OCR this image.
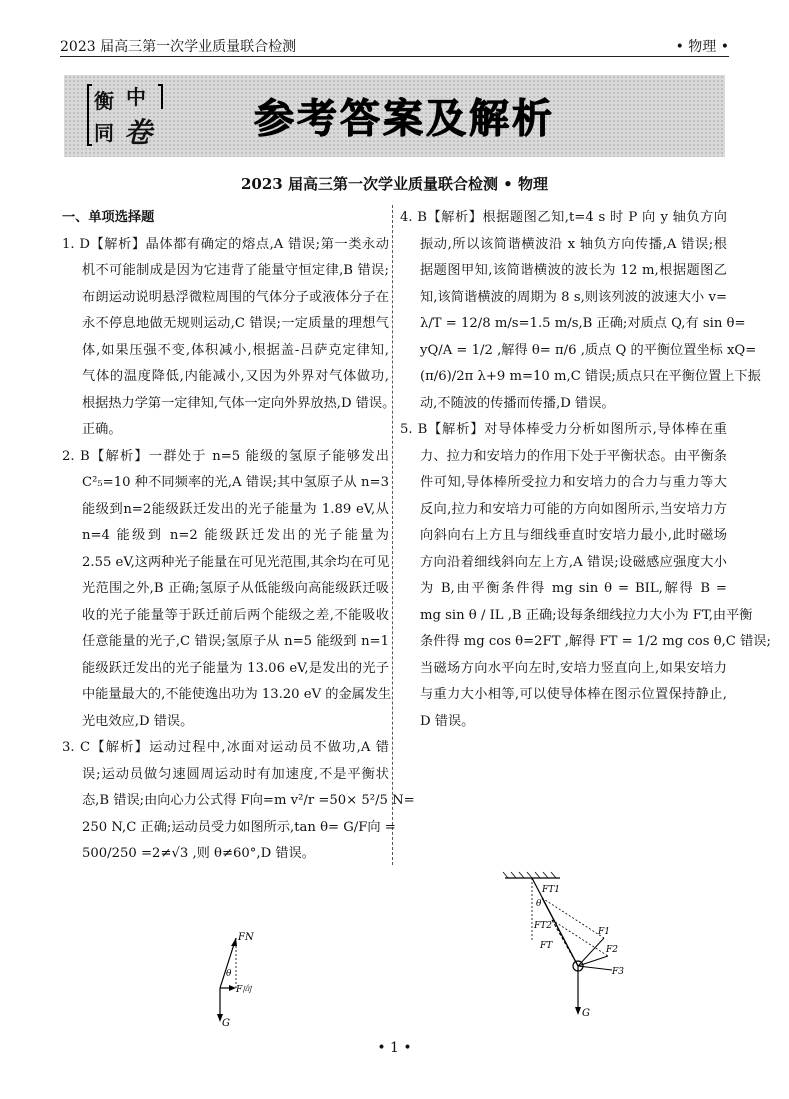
2023 届高三第一次学业质量联合检测	• 物理 •
衡 中
同 卷	参考答案及解析
2023 届高三第一次学业质量联合检测 • 物理
一、单项选择题
1. D【解析】晶体都有确定的熔点,A 错误;第一类永动
机不可能制成是因为它违背了能量守恒定律,B 错误;
布朗运动说明悬浮微粒周围的气体分子或液体分子在
永不停息地做无规则运动,C 错误;一定质量的理想气
体,如果压强不变,体积减小,根据盖-吕萨克定律知,
气体的温度降低,内能减小,又因为外界对气体做功,
根据热力学第一定律知,气体一定向外界放热,D 错误。
正确。
2. B【解析】一群处于 n=5 能级的氢原子能够发出
C²₅=10 种不同频率的光,A 错误;其中氢原子从 n=3
能级到n=2能级跃迁发出的光子能量为 1.89 eV,从
n=4 能级到 n=2 能级跃迁发出的光子能量为
2.55 eV,这两种光子能量在可见光范围,其余均在可见
光范围之外,B 正确;氢原子从低能级向高能级跃迁吸
收的光子能量等于跃迁前后两个能级之差,不能吸收
任意能量的光子,C 错误;氢原子从 n=5 能级到 n=1
能级跃迁发出的光子能量为 13.06 eV,是发出的光子
中能量最大的,不能使逸出功为 13.20 eV 的金属发生
光电效应,D 错误。
3. C【解析】运动过程中,冰面对运动员不做功,A 错
误;运动员做匀速圆周运动时有加速度,不是平衡状
态,B 错误;由向心力公式得 F向=m v²/r =50× 5²/5 N=
250 N,C 正确;运动员受力如图所示,tan θ= G/F向 =
500/250 =2≠√3 ,则 θ≠60°,D 错误。
4. B【解析】根据题图乙知,t=4 s 时 P 向 y 轴负方向
振动,所以该简谐横波沿 x 轴负方向传播,A 错误;根
据题图甲知,该简谐横波的波长为 12 m,根据题图乙
知,该简谐横波的周期为 8 s,则该列波的波速大小 v=
λ/T = 12/8 m/s=1.5 m/s,B 正确;对质点 Q,有 sin θ=
yQ/A = 1/2 ,解得 θ= π/6 ,质点 Q 的平衡位置坐标 xQ=
(π/6)/2π λ+9 m=10 m,C 错误;质点只在平衡位置上下振
动,不随波的传播而传播,D 错误。
5. B【解析】对导体棒受力分析如图所示,导体棒在重
力、拉力和安培力的作用下处于平衡状态。由平衡条
件可知,导体棒所受拉力和安培力的合力与重力等大
反向,拉力和安培力可能的方向如图所示,当安培力方
向斜向右上方且与细线垂直时安培力最小,此时磁场
方向沿着细线斜向左上方,A 错误;设磁感应强度大小
为 B,由平衡条件得 mg sin θ = BIL,解得 B =
mg sin θ / IL ,B 正确;设每条细线拉力大小为 FT,由平衡
条件得 mg cos θ=2FT ,解得 FT = 1/2 mg cos θ,C 错误;
当磁场方向水平向左时,安培力竖直向上,如果安培力
与重力大小相等,可以使导体棒在图示位置保持静止,
D 错误。
FN
θ
F向
G
FT1
θ
FT2
FT
F1
F2
F3
G
• 1 •
